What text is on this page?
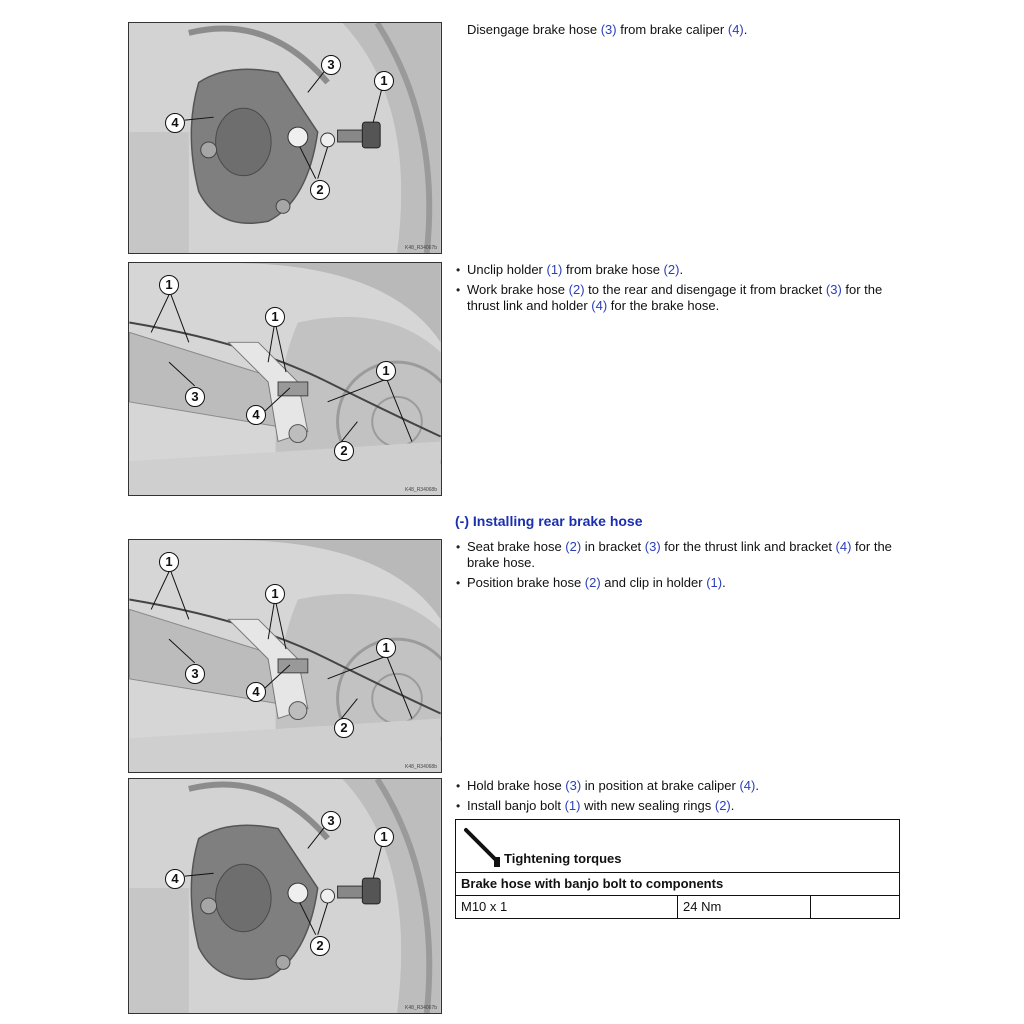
1
3
4
2
K48_R34067b
1
1
1
3
4
2
K48_R34068b
1
1
1
3
4
2
K48_R34068b
1
3
4
2
K48_R34067b

Disengage brake hose (3) from brake caliper (4).

• Unclip holder (1) from brake hose (2).
• Work brake hose (2) to the rear and disengage it from bracket (3) for the thrust link and holder (4) for the brake hose.
(-) Installing rear brake hose
• Seat brake hose (2) in bracket (3) for the thrust link and bracket (4) for the brake hose.
• Position brake hose (2) and clip in holder (1).
• Hold brake hose (3) in position at brake caliper (4).
• Install banjo bolt (1) with new sealing rings (2).
Tightening torques
Brake hose with banjo bolt to components
M10 x 1	24 Nm
